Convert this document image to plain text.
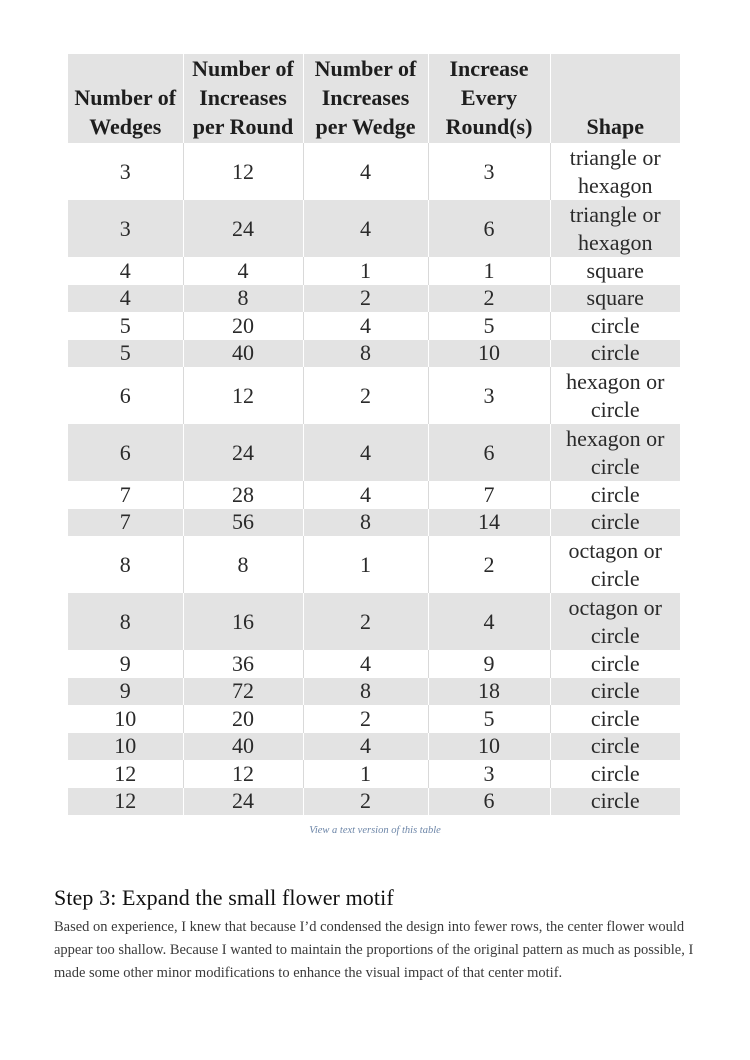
Number of Wedges	Number of Increases per Round	Number of Increases per Wedge	Increase Every Round(s)	Shape
3	12	4	3	triangle or hexagon
3	24	4	6	triangle or hexagon
4	4	1	1	square
4	8	2	2	square
5	20	4	5	circle
5	40	8	10	circle
6	12	2	3	hexagon or circle
6	24	4	6	hexagon or circle
7	28	4	7	circle
7	56	8	14	circle
8	8	1	2	octagon or circle
8	16	2	4	octagon or circle
9	36	4	9	circle
9	72	8	18	circle
10	20	2	5	circle
10	40	4	10	circle
12	12	1	3	circle
12	24	2	6	circle
View a text version of this table
Step 3: Expand the small flower motif

Based on experience, I knew that because I’d condensed the design into fewer rows, the center flower would appear too shallow. Because I wanted to maintain the proportions of the original pattern as much as possible, I made some other minor modifications to enhance the visual impact of that center motif.
